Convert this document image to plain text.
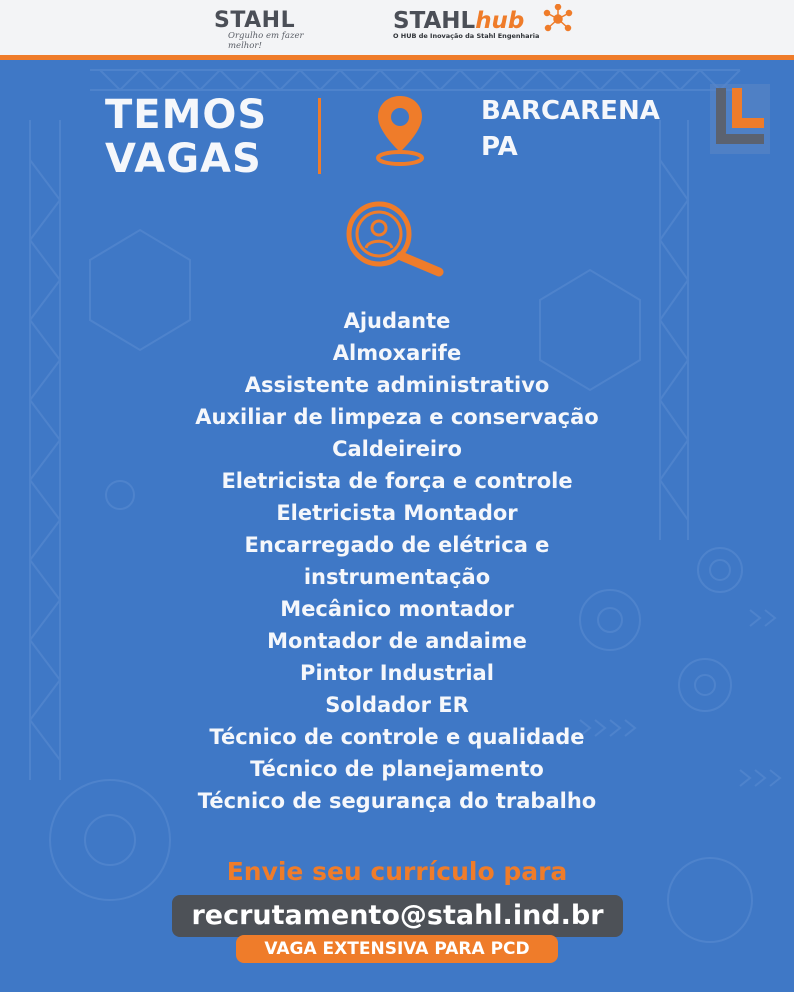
STAHL
Orgulho em fazer melhor!
STAHLhub
O HUB de Inovação da Stahl Engenharia
TEMOS
VAGAS
BARCARENA
PA
Ajudante
Almoxarife
Assistente administrativo
Auxiliar de limpeza e conservação
Caldeireiro
Eletricista de força e controle
Eletricista Montador
Encarregado de elétrica e
instrumentação
Mecânico montador
Montador de andaime
Pintor Industrial
Soldador ER
Técnico de controle e qualidade
Técnico de planejamento
Técnico de segurança do trabalho
Envie seu currículo para
recrutamento@stahl.ind.br
VAGA EXTENSIVA PARA PCD
